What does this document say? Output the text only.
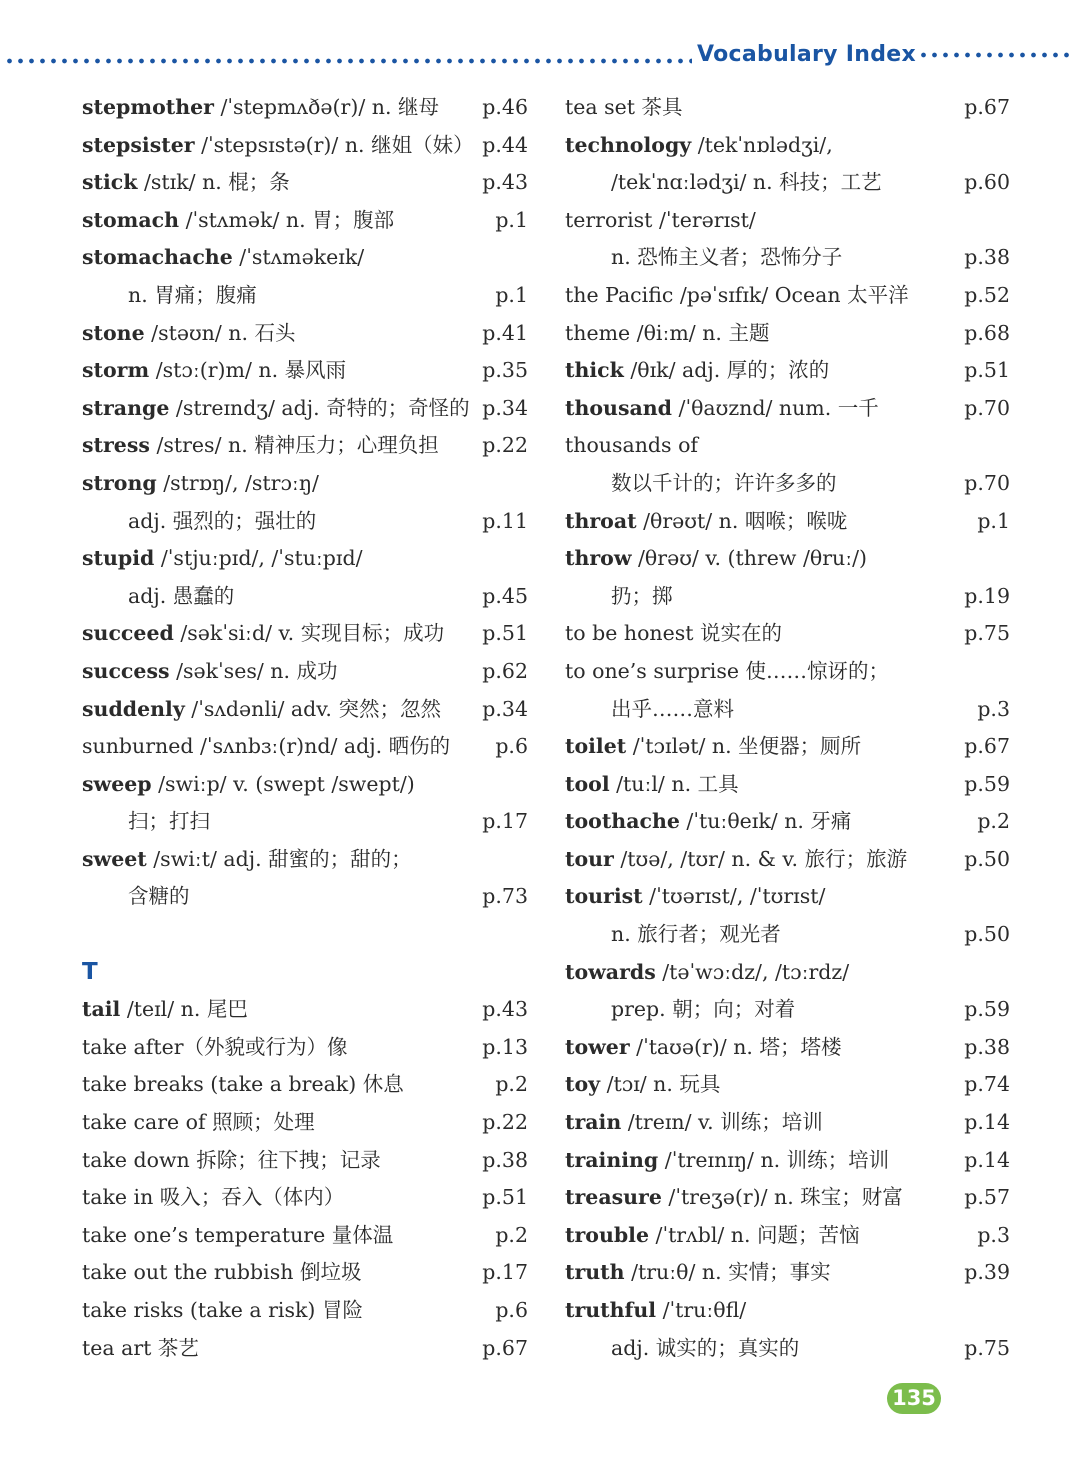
Vocabulary Index
stepmother /ˈstepmʌðə(r)/ n. 继母 p.46
stepsister /ˈstepsɪstə(r)/ n. 继姐（妹） p.44
stick /stɪk/ n. 棍；条	p.43
stomach /ˈstʌmək/ n. 胃；腹部	p.1
stomachache /ˈstʌməkeɪk/
n. 胃痛；腹痛	p.1
stone /stəʊn/ n. 石头	p.41
storm /stɔː(r)m/ n. 暴风雨	p.35
strange /streɪndʒ/ adj. 奇特的；奇怪的 p.34
stress /stres/ n. 精神压力；心理负担 p.22
strong /strɒŋ/, /strɔːŋ/
adj. 强烈的；强壮的	p.11
stupid /ˈstjuːpɪd/, /ˈstuːpɪd/
adj. 愚蠢的	p.45
succeed /səkˈsiːd/ v. 实现目标；成功 p.51
success /səkˈses/ n. 成功	p.62
suddenly /ˈsʌdənli/ adv. 突然；忽然 p.34
sunburned /ˈsʌnbɜː(r)nd/ adj. 晒伤的 p.6
sweep /swiːp/ v. (swept /swept/)
扫；打扫	p.17
sweet /swiːt/ adj. 甜蜜的；甜的；
含糖的	p.73
T
tail /teɪl/ n. 尾巴	p.43
take after（外貌或行为）像	p.13
take breaks (take a break) 休息	p.2
take care of 照顾；处理	p.22
take down 拆除；往下拽；记录	p.38
take in 吸入；吞入（体内）	p.51
take one’s temperature 量体温	p.2
take out the rubbish 倒垃圾	p.17
take risks (take a risk) 冒险	p.6
tea art 茶艺	p.67
tea set 茶具	p.67
technology /tekˈnɒlədʒi/,
/tekˈnɑːlədʒi/ n. 科技；工艺	p.60
terrorist /ˈterərɪst/
n. 恐怖主义者；恐怖分子	p.38
the Pacific /pəˈsɪfɪk/ Ocean 太平洋	p.52
theme /θiːm/ n. 主题	p.68
thick /θɪk/ adj. 厚的；浓的	p.51
thousand /ˈθaʊznd/ num. 一千	p.70
thousands of
数以千计的；许许多多的	p.70
throat /θrəʊt/ n. 咽喉；喉咙	p.1
throw /θrəʊ/ v. (threw /θruː/)
扔；掷	p.19
to be honest 说实在的	p.75
to one’s surprise 使……惊讶的；
出乎……意料	p.3
toilet /ˈtɔɪlət/ n. 坐便器；厕所	p.67
tool /tuːl/ n. 工具	p.59
toothache /ˈtuːθeɪk/ n. 牙痛	p.2
tour /tʊə/, /tʊr/ n. & v. 旅行；旅游	p.50
tourist /ˈtʊərɪst/, /ˈtʊrɪst/
n. 旅行者；观光者	p.50
towards /təˈwɔːdz/, /tɔːrdz/
prep. 朝；向；对着	p.59
tower /ˈtaʊə(r)/ n. 塔；塔楼	p.38
toy /tɔɪ/ n. 玩具	p.74
train /treɪn/ v. 训练；培训	p.14
training /ˈtreɪnɪŋ/ n. 训练；培训	p.14
treasure /ˈtreʒə(r)/ n. 珠宝；财富	p.57
trouble /ˈtrʌbl/ n. 问题；苦恼	p.3
truth /truːθ/ n. 实情；事实	p.39
truthful /ˈtruːθfl/
adj. 诚实的；真实的	p.75
135
